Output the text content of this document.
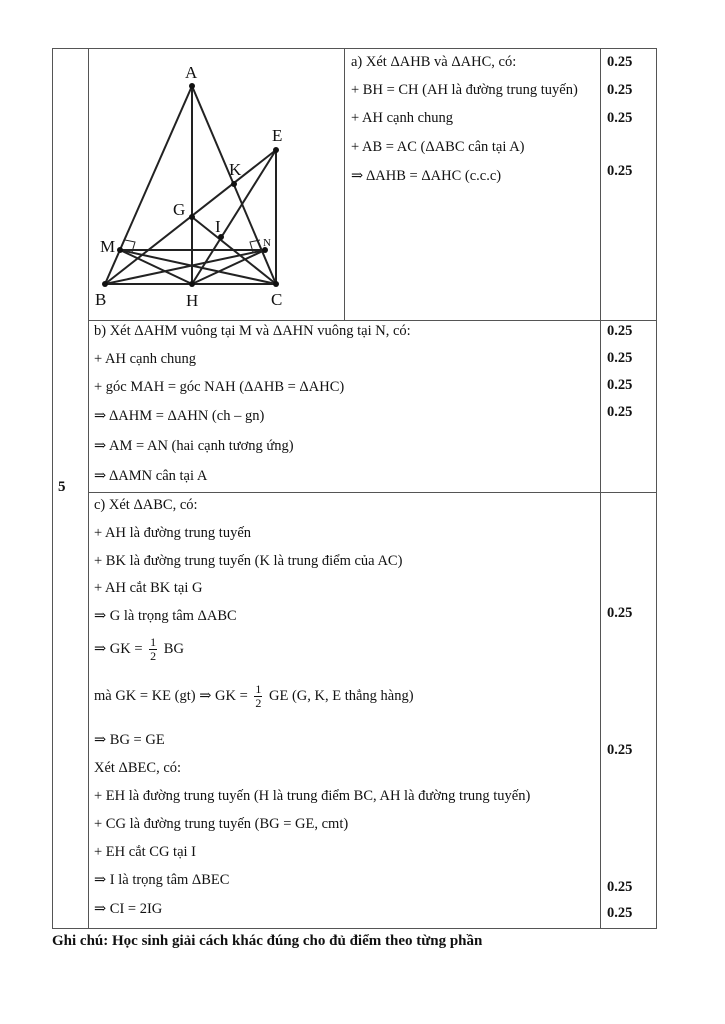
5
A
B	C
H
M
E
K
G
I
N
a) Xét ΔAHB và ΔAHC, có:
+ BH = CH (AH là đường trung tuyến)
+ AH cạnh chung
+ AB = AC (ΔABC cân tại A)
⇒ ΔAHB = ΔAHC (c.c.c)
0.25
0.25
0.25
0.25
b) Xét ΔAHM vuông tại M và ΔAHN vuông tại N, có:
+ AH cạnh chung
+ góc MAH = góc NAH (ΔAHB = ΔAHC)
⇒ ΔAHM = ΔAHN (ch – gn)
⇒ AM = AN (hai cạnh tương ứng)
⇒ ΔAMN cân tại A
0.25
0.25
0.25
0.25
c) Xét ΔABC, có:
+ AH là đường trung tuyến
+ BK là đường trung tuyến (K là trung điểm của AC)
+ AH cắt BK tại G
⇒ G là trọng tâm ΔABC
⇒ GK = $\frac{1}{2}$ BG
mà GK = KE (gt) ⇒ GK = $\frac{1}{2}$ GE (G, K, E thẳng hàng)
⇒ BG = GE
Xét ΔBEC, có:
+ EH là đường trung tuyến (H là trung điểm BC, AH là đường trung tuyến)
+ CG là đường trung tuyến (BG = GE, cmt)
+ EH cắt CG tại I
⇒ I là trọng tâm ΔBEC
⇒ CI = 2IG
0.25
0.25
0.25
0.25
Ghi chú: Học sinh giải cách khác đúng cho đủ điểm theo từng phần
